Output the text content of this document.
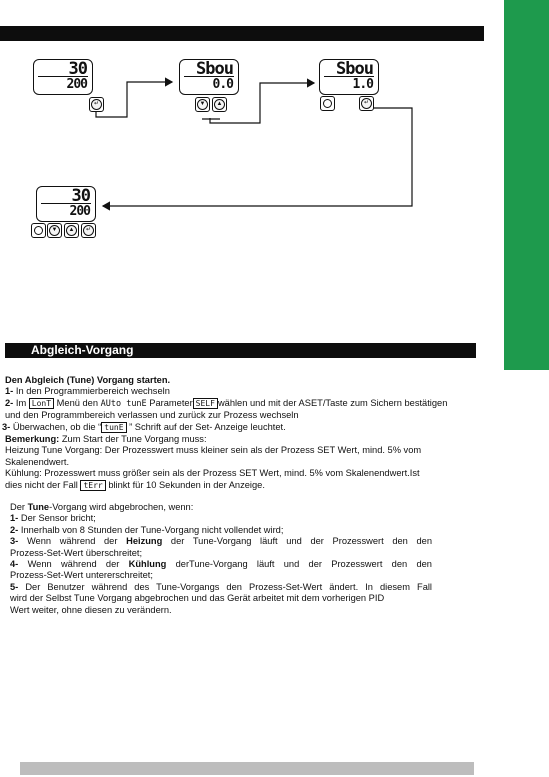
30
200
↵
Sbou
0.0
▼	▲
Sbou
1.0
↵
30
200
▼	▲	↵
Abgleich-Vorgang

Den Abgleich (Tune) Vorgang starten.

1- In den Programmierbereich wechseln

2- Im LonT Menü den AUto tunE Parameter SELF wählen und mit der ASET/Taste zum Sichern bestätigen

und den Programmbereich verlassen und zurück zur Prozess wechseln

3- Überwachen, ob die “ tunE ” Schrift auf der Set- Anzeige leuchtet.

Bemerkung: Zum Start der Tune Vorgang muss:

Heizung Tune Vorgang: Der Prozesswert muss kleiner sein als der Prozess SET Wert, mind. 5% vom

Skalenendwert.

Kühlung: Prozesswert muss größer sein als der Prozess SET Wert, mind. 5% vom Skalenendwert.Ist

dies nicht der Fall tErr blinkt für 10 Sekunden in der Anzeige.

Der Tune-Vorgang wird abgebrochen, wenn:

1- Der Sensor bricht;

2- Innerhalb von 8 Stunden der Tune-Vorgang nicht vollendet wird;

3- Wenn während der Heizung der Tune-Vorgang läuft und der Prozesswert den den

Prozess-Set-Wert überschreitet;

4- Wenn während der Kühlung derTune-Vorgang läuft und der Prozesswert den den

Prozess-Set-Wert untererschreitet;

5- Der Benutzer während des Tune-Vorgangs den Prozess-Set-Wert ändert. In diesem Fall

wird der Selbst Tune Vorgang abgebrochen und das Gerät arbeitet mit dem vorherigen PID

Wert weiter, ohne diesen zu verändern.
